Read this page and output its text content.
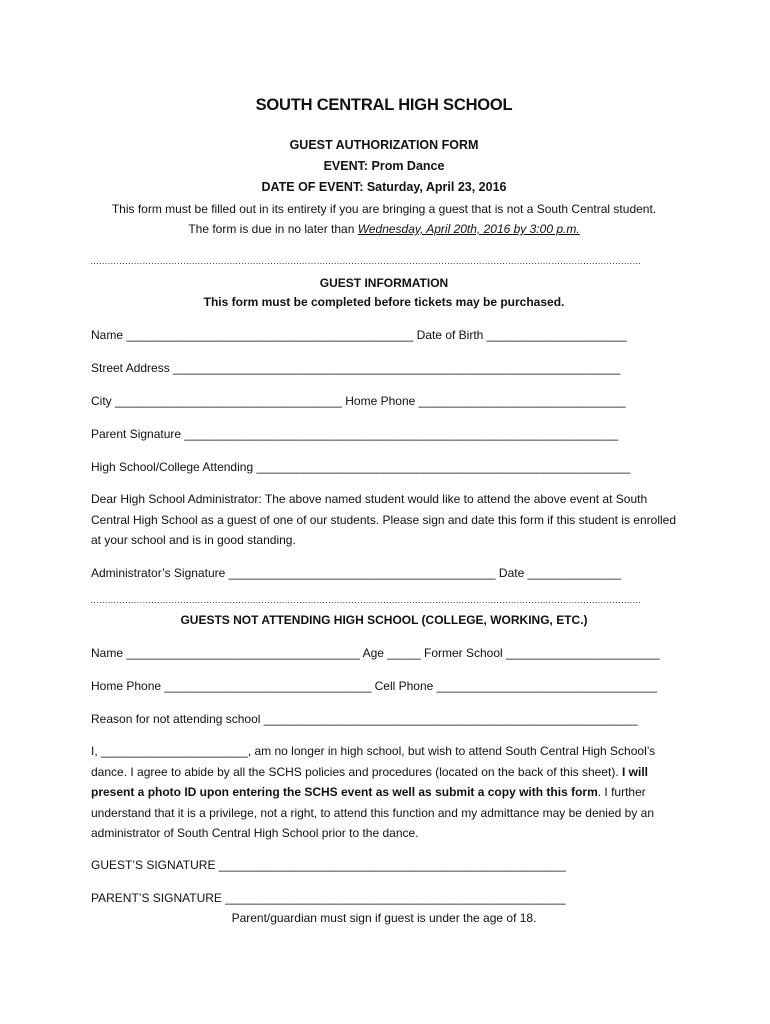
SOUTH CENTRAL HIGH SCHOOL
GUEST AUTHORIZATION FORM
EVENT: Prom Dance
DATE OF EVENT: Saturday, April 23, 2016
This form must be filled out in its entirety if you are bringing a guest that is not a South Central student.
The form is due in no later than Wednesday, April 20th, 2016 by 3:00 p.m.
……………………………………………………………………………………………………………………………………………………………………….
GUEST INFORMATION
This form must be completed before tickets may be purchased.
Name ___________________________________________ Date of Birth _____________________
Street Address ___________________________________________________________________
City __________________________________ Home Phone _______________________________
Parent Signature _________________________________________________________________
High School/College Attending ________________________________________________________
Dear High School Administrator: The above named student would like to attend the above event at South Central High School as a guest of one of our students. Please sign and date this form if this student is enrolled at your school and is in good standing.
Administrator’s Signature ________________________________________ Date ______________
……………………………………………………………………………………………………………………………………………………………………….
GUESTS NOT ATTENDING HIGH SCHOOL (COLLEGE, WORKING, ETC.)
Name ___________________________________ Age _____ Former School _______________________
Home Phone _______________________________ Cell Phone _________________________________
Reason for not attending school ________________________________________________________
I, ______________________, am no longer in high school, but wish to attend South Central High School’s dance. I agree to abide by all the SCHS policies and procedures (located on the back of this sheet). I will present a photo ID upon entering the SCHS event as well as submit a copy with this form. I further understand that it is a privilege, not a right, to attend this function and my admittance may be denied by an administrator of South Central High School prior to the dance.
GUEST’S SIGNATURE ____________________________________________________
PARENT’S SIGNATURE ___________________________________________________
Parent/guardian must sign if guest is under the age of 18.
